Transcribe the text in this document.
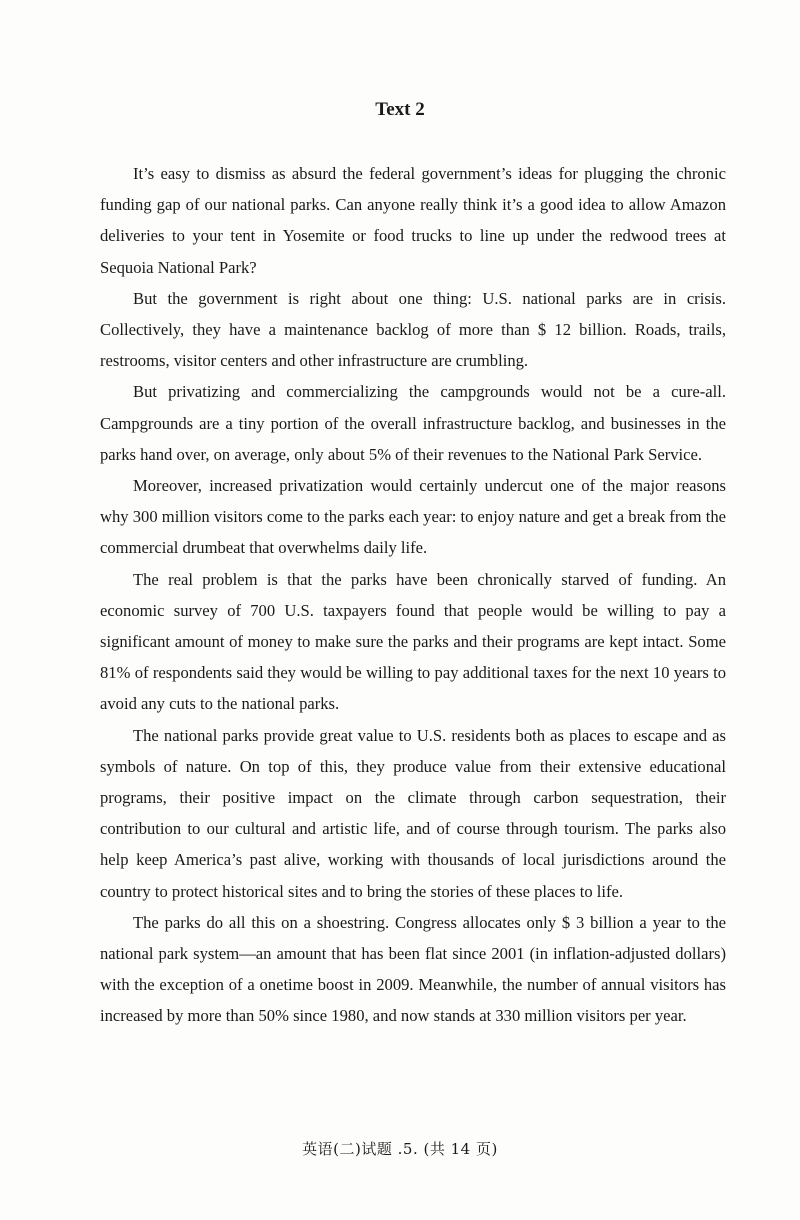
Text 2

It’s easy to dismiss as absurd the federal government’s ideas for plugging the chronic funding gap of our national parks. Can anyone really think it’s a good idea to allow Amazon deliveries to your tent in Yosemite or food trucks to line up under the redwood trees at Sequoia National Park?

But the government is right about one thing: U.S. national parks are in crisis. Collectively, they have a maintenance backlog of more than $ 12 billion. Roads, trails, restrooms, visitor centers and other infrastructure are crumbling.

But privatizing and commercializing the campgrounds would not be a cure-all. Campgrounds are a tiny portion of the overall infrastructure backlog, and businesses in the parks hand over, on average, only about 5% of their revenues to the National Park Service.

Moreover, increased privatization would certainly undercut one of the major reasons why 300 million visitors come to the parks each year: to enjoy nature and get a break from the commercial drumbeat that overwhelms daily life.

The real problem is that the parks have been chronically starved of funding. An economic survey of 700 U.S. taxpayers found that people would be willing to pay a significant amount of money to make sure the parks and their programs are kept intact. Some 81% of respondents said they would be willing to pay additional taxes for the next 10 years to avoid any cuts to the national parks.

The national parks provide great value to U.S. residents both as places to escape and as symbols of nature. On top of this, they produce value from their extensive educational programs, their positive impact on the climate through carbon sequestration, their contribution to our cultural and artistic life, and of course through tourism. The parks also help keep America’s past alive, working with thousands of local jurisdictions around the country to protect historical sites and to bring the stories of these places to life.

The parks do all this on a shoestring. Congress allocates only $ 3 billion a year to the national park system—an amount that has been flat since 2001 (in inflation-adjusted dollars) with the exception of a onetime boost in 2009. Meanwhile, the number of annual visitors has increased by more than 50% since 1980, and now stands at 330 million visitors per year.

英语(二)试题 .5. (共 14 页)
